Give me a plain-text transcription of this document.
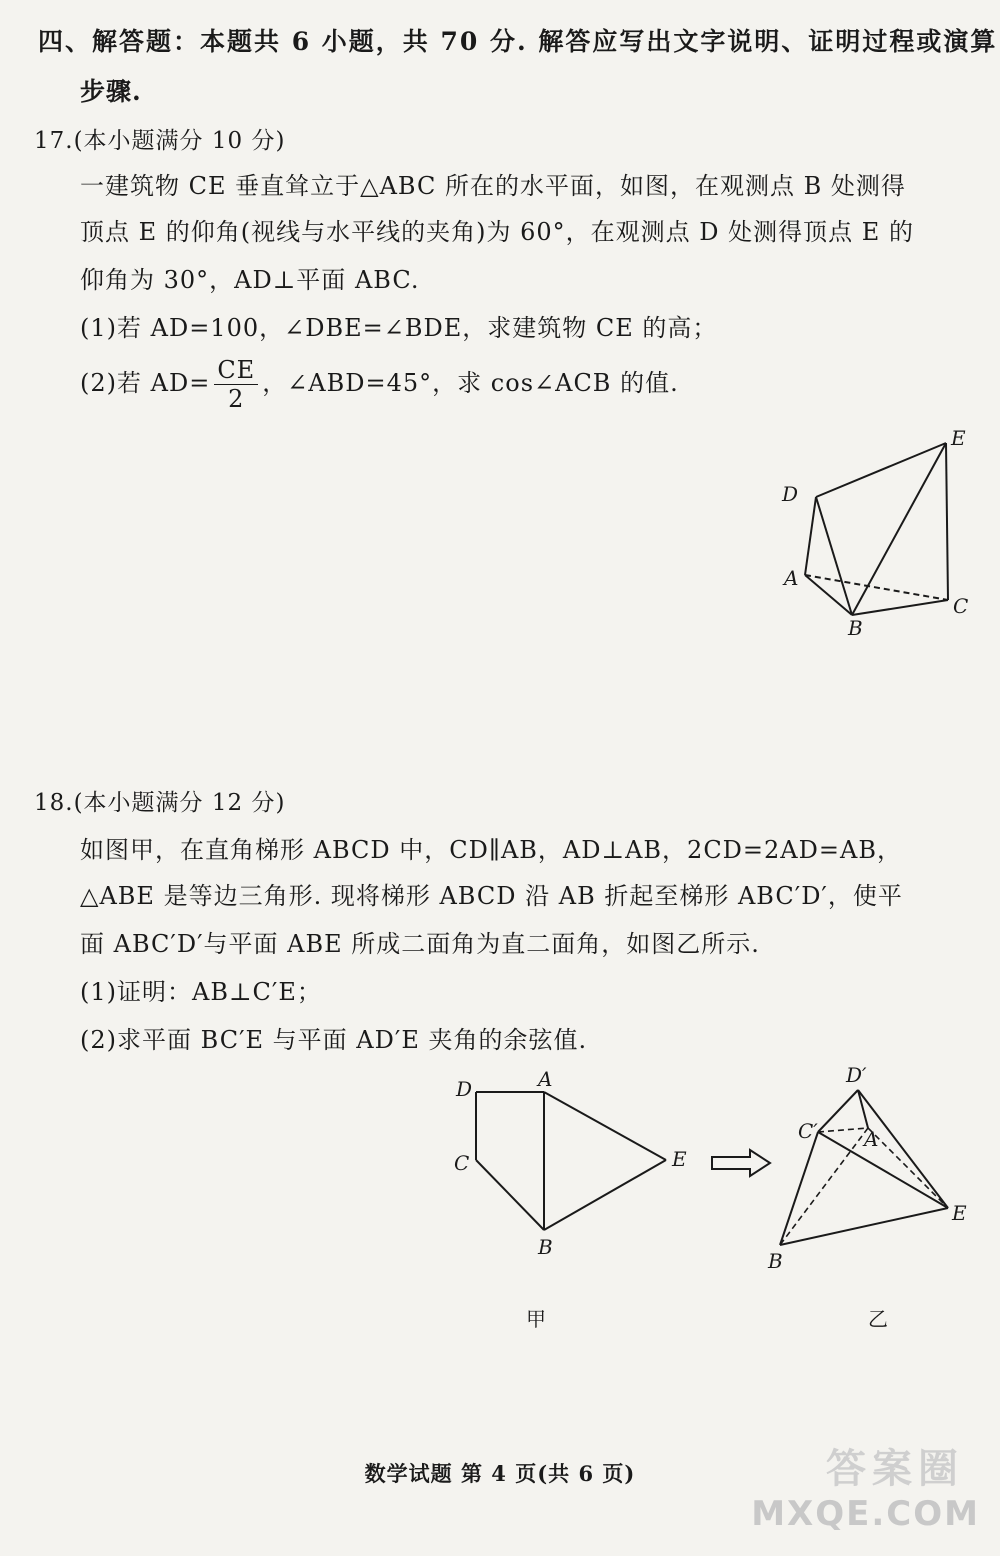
四、解答题：本题共 6 小题，共 70 分. 解答应写出文字说明、证明过程或演算
步骤.
17.(本小题满分 10 分)
一建筑物 CE 垂直耸立于△ABC 所在的水平面，如图，在观测点 B 处测得
顶点 E 的仰角(视线与水平线的夹角)为 60°，在观测点 D 处测得顶点 E 的
仰角为 30°，AD⊥平面 ABC.
(1)若 AD=100，∠DBE=∠BDE，求建筑物 CE 的高；
(2)若 $AD= \frac{CE}{2}$ ，∠ABD=45°，求 cos∠ACB 的值.
E
D
A
B
C
18.(本小题满分 12 分)
如图甲，在直角梯形 ABCD 中，CD∥AB，AD⊥AB，2CD=2AD=AB，
△ABE 是等边三角形. 现将梯形 ABCD 沿 AB 折起至梯形 ABC′D′，使平
面 ABC′D′与平面 ABE 所成二面角为直二面角，如图乙所示.
(1)证明：AB⊥C′E；
(2)求平面 BC′E 与平面 AD′E 夹角的余弦值.
D	A
C	E
B
甲
D′
C′ A
E
B
乙
数学试题 第 4 页(共 6 页)	答案圈
MXQE.COM
